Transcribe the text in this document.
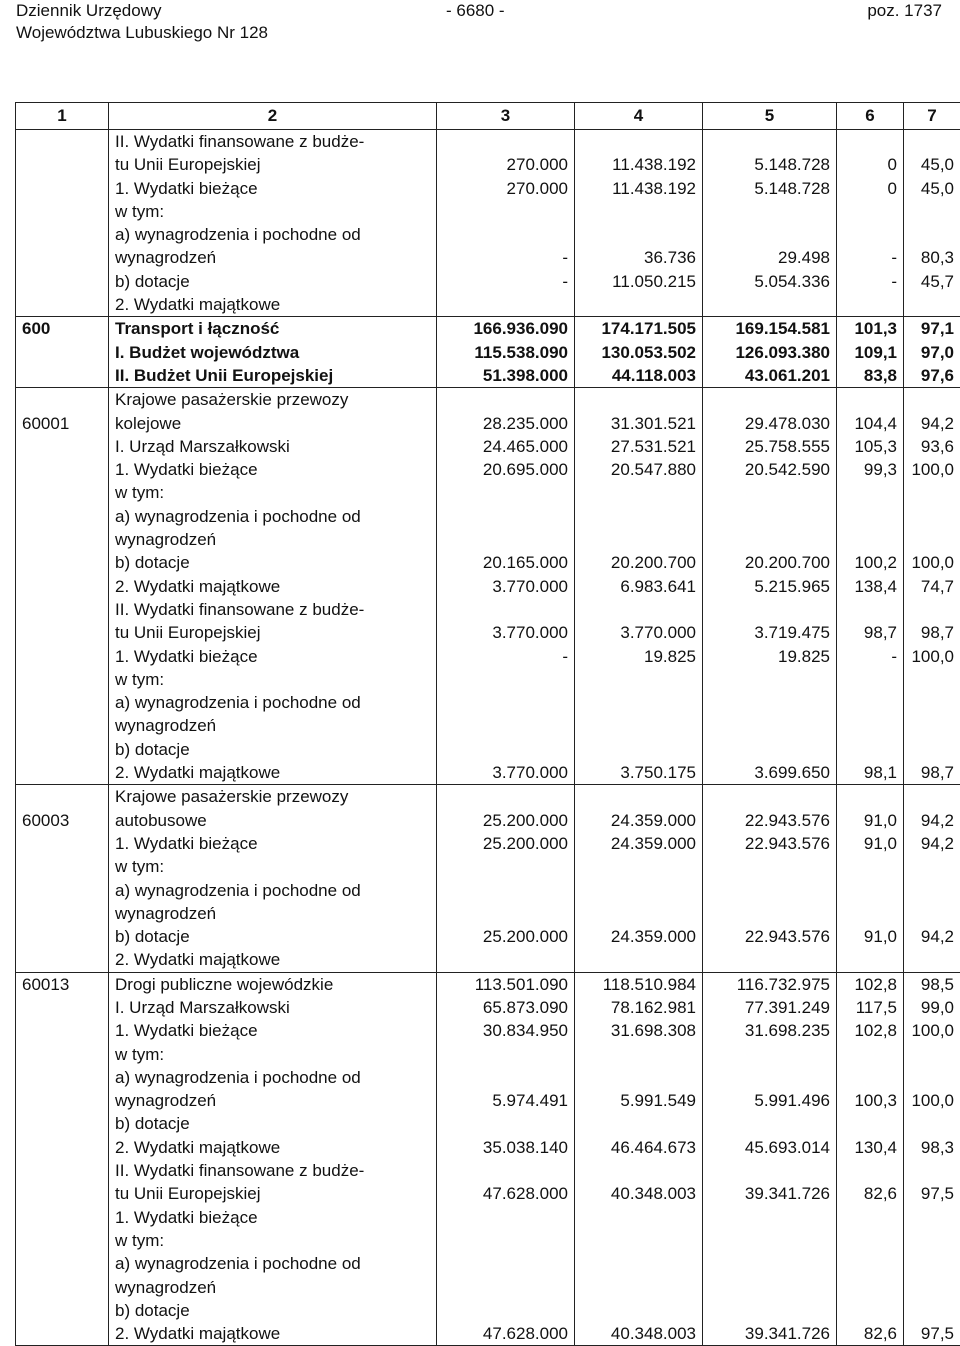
Dziennik Urzędowy
Województwa Lubuskiego Nr 128
- 6680 -	poz. 1737
1	2	3	4	5	6	7

	II. Wydatki finansowane z budże-
tu Unii Europejskiej	270.000	11.438.192	5.148.728	0	45,0

	1. Wydatki bieżące	270.000	11.438.192	5.148.728	0	45,0

	w tym:					

	a) wynagrodzenia i pochodne od
wynagrodzeń	-	36.736	29.498	-	80,3

	b) dotacje	-	11.050.215	5.054.336	-	45,7

	2. Wydatki majątkowe					

600	Transport i łączność	166.936.090	174.171.505	169.154.581	101,3	97,1

	I. Budżet województwa	115.538.090	130.053.502	126.093.380	109,1	97,0

	II. Budżet Unii Europejskiej	51.398.000	44.118.003	43.061.201	83,8	97,6
60001	Krajowe pasażerskie przewozy
kolejowe	28.235.000	31.301.521	29.478.030	104,4	94,2

	I. Urząd Marszałkowski	24.465.000	27.531.521	25.758.555	105,3	93,6

	1. Wydatki bieżące	20.695.000	20.547.880	20.542.590	99,3	100,0

	w tym:					

	a) wynagrodzenia i pochodne od
wynagrodzeń					

	b) dotacje	20.165.000	20.200.700	20.200.700	100,2	100,0

	2. Wydatki majątkowe	3.770.000	6.983.641	5.215.965	138,4	74,7

	II. Wydatki finansowane z budże-
tu Unii Europejskiej	3.770.000	3.770.000	3.719.475	98,7	98,7

	1. Wydatki bieżące	-	19.825	19.825	-	100,0

	w tym:					

	a) wynagrodzenia i pochodne od
wynagrodzeń					

	b) dotacje					

	2. Wydatki majątkowe	3.770.000	3.750.175	3.699.650	98,1	98,7
60003	Krajowe pasażerskie przewozy
autobusowe	25.200.000	24.359.000	22.943.576	91,0	94,2

	1. Wydatki bieżące	25.200.000	24.359.000	22.943.576	91,0	94,2

	w tym:					

	a) wynagrodzenia i pochodne od
wynagrodzeń					

	b) dotacje	25.200.000	24.359.000	22.943.576	91,0	94,2

	2. Wydatki majątkowe					

60013	Drogi publiczne wojewódzkie	113.501.090	118.510.984	116.732.975	102,8	98,5

	I. Urząd Marszałkowski	65.873.090	78.162.981	77.391.249	117,5	99,0

	1. Wydatki bieżące	30.834.950	31.698.308	31.698.235	102,8	100,0

	w tym:					

	a) wynagrodzenia i pochodne od
wynagrodzeń	5.974.491	5.991.549	5.991.496	100,3	100,0

	b) dotacje					

	2. Wydatki majątkowe	35.038.140	46.464.673	45.693.014	130,4	98,3

	II. Wydatki finansowane z budże-
tu Unii Europejskiej	47.628.000	40.348.003	39.341.726	82,6	97,5

	1. Wydatki bieżące					

	w tym:					

	a) wynagrodzenia i pochodne od
wynagrodzeń					

	b) dotacje					

	2. Wydatki majątkowe	47.628.000	40.348.003	39.341.726	82,6	97,5
